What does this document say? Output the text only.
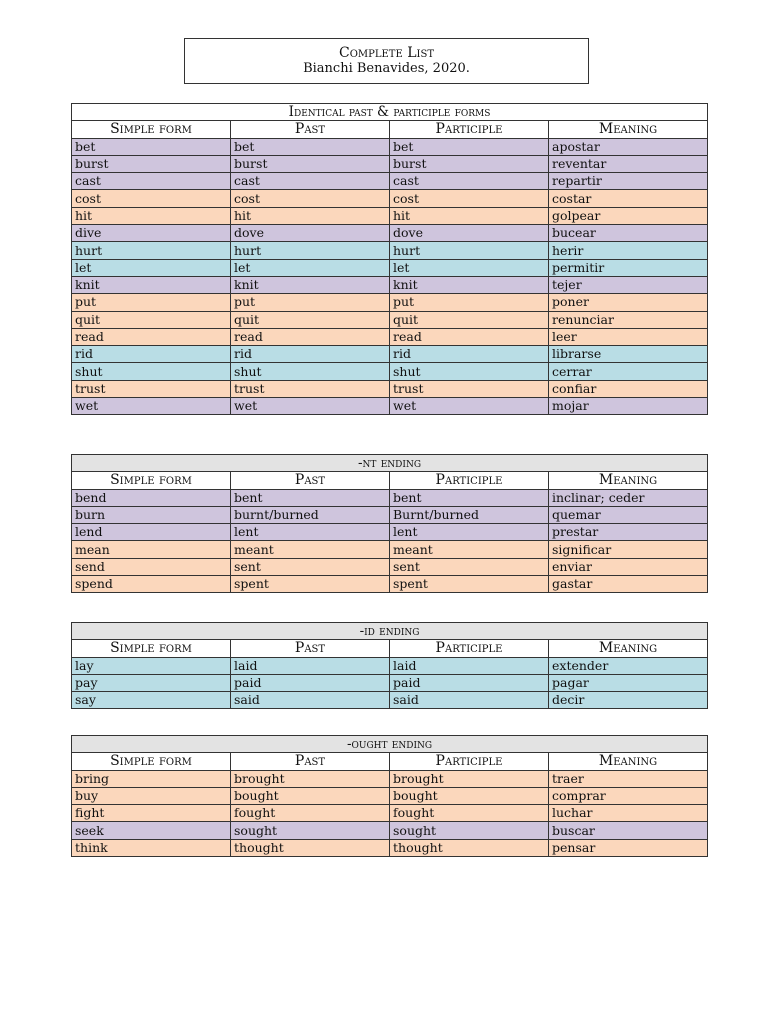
Complete List
Bianchi Benavides, 2020.
Identical past & participle forms			
Simple form	Past	Participle	Meaning
bet	bet	bet	apostar
burst	burst	burst	reventar
cast	cast	cast	repartir
cost	cost	cost	costar
hit	hit	hit	golpear
dive	dove	dove	bucear
hurt	hurt	hurt	herir
let	let	let	permitir
knit	knit	knit	tejer
put	put	put	poner
quit	quit	quit	renunciar
read	read	read	leer
rid	rid	rid	librarse
shut	shut	shut	cerrar
trust	trust	trust	confiar
wet	wet	wet	mojar
-nt ending			
Simple form	Past	Participle	Meaning
bend	bent	bent	inclinar; ceder
burn	burnt/burned	Burnt/burned	quemar
lend	lent	lent	prestar
mean	meant	meant	significar
send	sent	sent	enviar
spend	spent	spent	gastar
-id ending			
Simple form	Past	Participle	Meaning
lay	laid	laid	extender
pay	paid	paid	pagar
say	said	said	decir
-ought ending			
Simple form	Past	Participle	Meaning
bring	brought	brought	traer
buy	bought	bought	comprar
fight	fought	fought	luchar
seek	sought	sought	buscar
think	thought	thought	pensar
